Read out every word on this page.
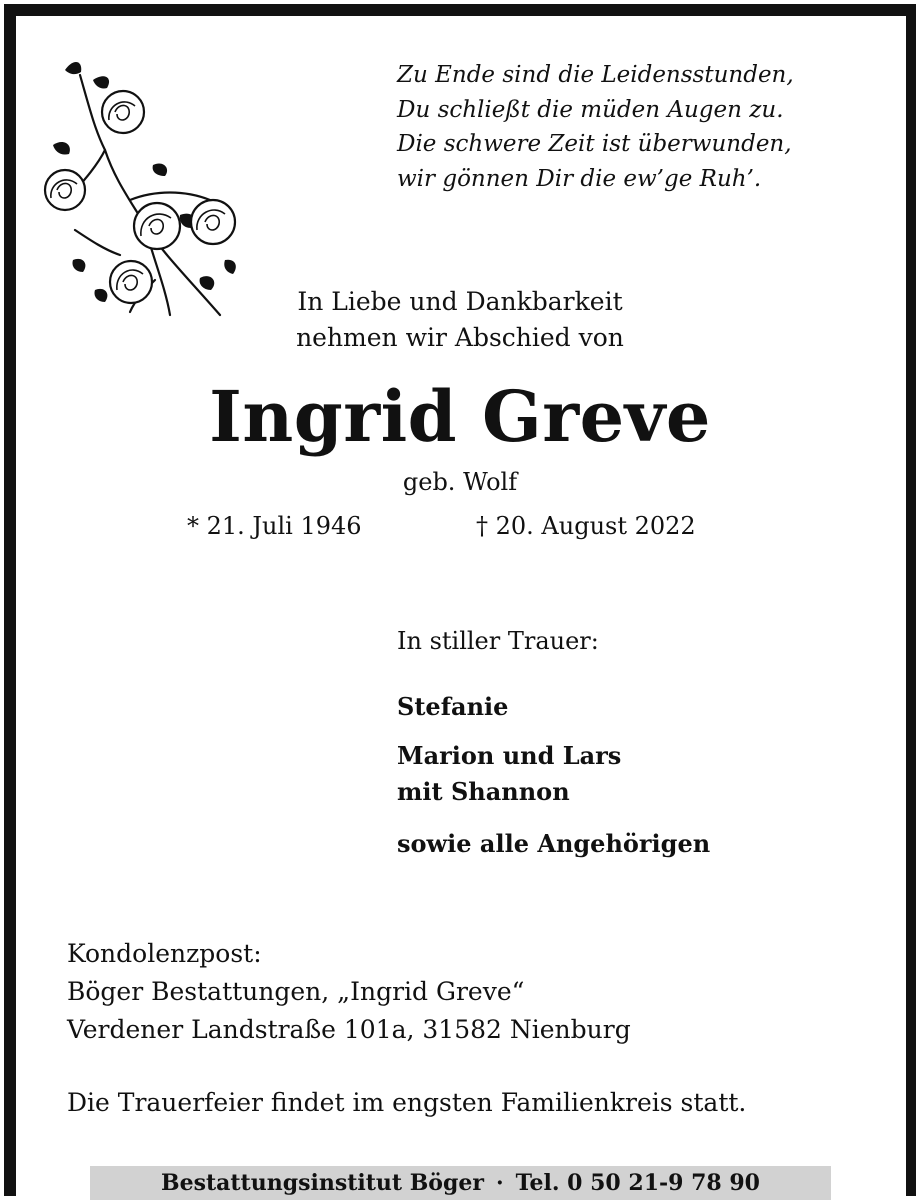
Zu Ende sind die Leidensstunden,
Du schließt die müden Augen zu.
Die schwere Zeit ist überwunden,
wir gönnen Dir die ew’ge Ruh’.
In Liebe und Dankbarkeit
nehmen wir Abschied von
Ingrid Greve
geb. Wolf
* 21. Juli 1946	† 20. August 2022
In stiller Trauer:
Stefanie
Marion und Lars
mit Shannon
sowie alle Angehörigen
Kondolenzpost:
Böger Bestattungen, „Ingrid Greve“
Verdener Landstraße 101a, 31582 Nienburg
Die Trauerfeier findet im engsten Familienkreis statt.
Bestattungsinstitut Böger · Tel. 0 50 21-9 78 90
